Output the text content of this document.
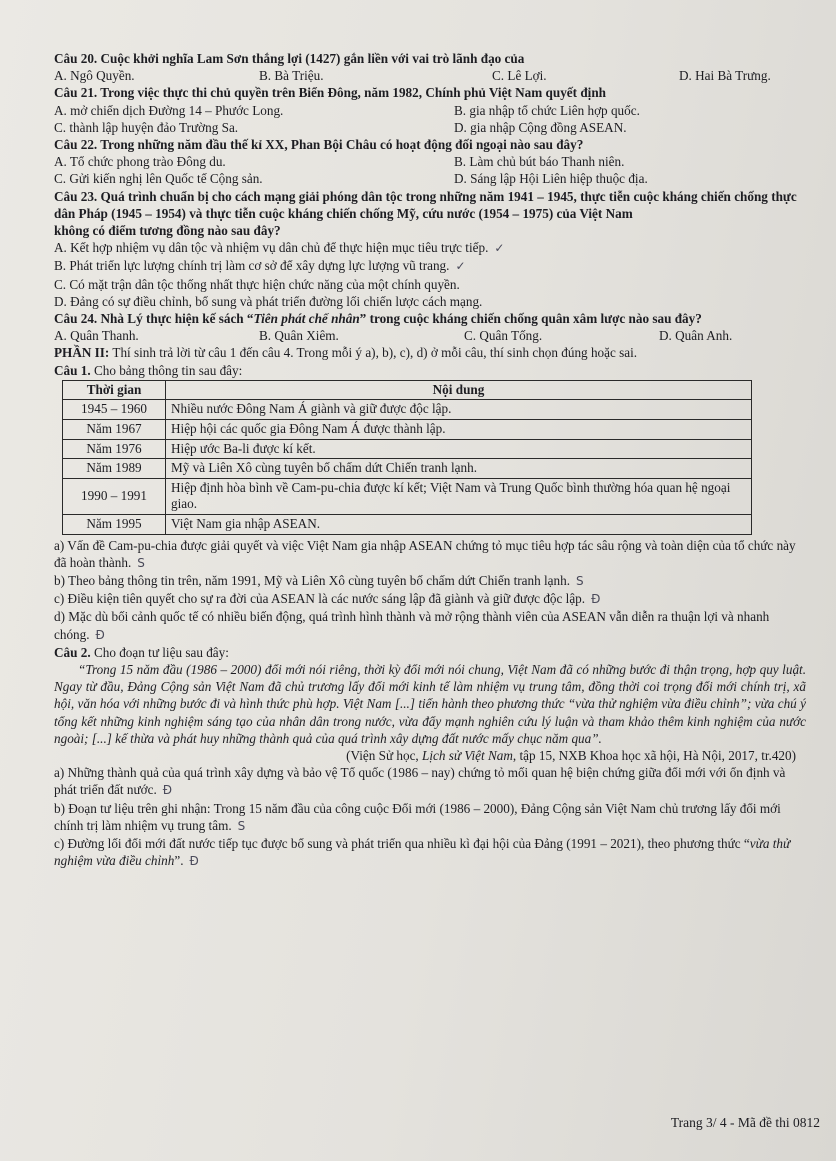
Câu 20. Cuộc khởi nghĩa Lam Sơn thắng lợi (1427) gắn liền với vai trò lãnh đạo của

A. Ngô Quyền.	B. Bà Triệu.	C. Lê Lợi.	D. Hai Bà Trưng.

Câu 21. Trong việc thực thi chủ quyền trên Biển Đông, năm 1982, Chính phủ Việt Nam quyết định

A. mở chiến dịch Đường 14 – Phước Long.	B. gia nhập tổ chức Liên hợp quốc.
C. thành lập huyện đảo Trường Sa.	D. gia nhập Cộng đồng ASEAN.

Câu 22. Trong những năm đầu thế kỉ XX, Phan Bội Châu có hoạt động đối ngoại nào sau đây?

A. Tổ chức phong trào Đông du.	B. Làm chủ bút báo Thanh niên.
C. Gửi kiến nghị lên Quốc tế Cộng sản.	D. Sáng lập Hội Liên hiệp thuộc địa.

Câu 23. Quá trình chuẩn bị cho cách mạng giải phóng dân tộc trong những năm 1941 – 1945, thực tiễn cuộc kháng chiến chống thực dân Pháp (1945 – 1954) và thực tiễn cuộc kháng chiến chống Mỹ, cứu nước (1954 – 1975) của Việt Nam

không có điểm tương đồng nào sau đây?

A. Kết hợp nhiệm vụ dân tộc và nhiệm vụ dân chủ để thực hiện mục tiêu trực tiếp. ✓

B. Phát triển lực lượng chính trị làm cơ sở để xây dựng lực lượng vũ trang. ✓

C. Có mặt trận dân tộc thống nhất thực hiện chức năng của một chính quyền.

D. Đảng có sự điều chỉnh, bổ sung và phát triển đường lối chiến lược cách mạng.

Câu 24. Nhà Lý thực hiện kế sách “Tiên phát chế nhân” trong cuộc kháng chiến chống quân xâm lược nào sau đây?

A. Quân Thanh.	B. Quân Xiêm.	C. Quân Tống.	D. Quân Anh.

PHẦN II: Thí sinh trả lời từ câu 1 đến câu 4. Trong mỗi ý a), b), c), d) ở mỗi câu, thí sinh chọn đúng hoặc sai.

Câu 1. Cho bảng thông tin sau đây:

Thời gian	Nội dung
1945 – 1960	Nhiều nước Đông Nam Á giành và giữ được độc lập.
Năm 1967	Hiệp hội các quốc gia Đông Nam Á được thành lập.
Năm 1976	Hiệp ước Ba-li được kí kết.
Năm 1989	Mỹ và Liên Xô cùng tuyên bố chấm dứt Chiến tranh lạnh.
1990 – 1991	Hiệp định hòa bình về Cam-pu-chia được kí kết; Việt Nam và Trung Quốc bình thường hóa quan hệ ngoại giao.
Năm 1995	Việt Nam gia nhập ASEAN.

a) Vấn đề Cam-pu-chia được giải quyết và việc Việt Nam gia nhập ASEAN chứng tỏ mục tiêu hợp tác sâu rộng và toàn diện của tổ chức này đã hoàn thành. S

b) Theo bảng thông tin trên, năm 1991, Mỹ và Liên Xô cùng tuyên bố chấm dứt Chiến tranh lạnh. S

c) Điều kiện tiên quyết cho sự ra đời của ASEAN là các nước sáng lập đã giành và giữ được độc lập. Đ

d) Mặc dù bối cảnh quốc tế có nhiều biến động, quá trình hình thành và mở rộng thành viên của ASEAN vẫn diễn ra thuận lợi và nhanh chóng. Đ

Câu 2. Cho đoạn tư liệu sau đây:

“Trong 15 năm đầu (1986 – 2000) đổi mới nói riêng, thời kỳ đổi mới nói chung, Việt Nam đã có những bước đi thận trọng, hợp quy luật. Ngay từ đầu, Đảng Cộng sản Việt Nam đã chủ trương lấy đổi mới kinh tế làm nhiệm vụ trung tâm, đồng thời coi trọng đổi mới chính trị, xã hội, văn hóa với những bước đi và hình thức phù hợp. Việt Nam [...] tiến hành theo phương thức “vừa thử nghiệm vừa điều chỉnh”; vừa chú ý tổng kết những kinh nghiệm sáng tạo của nhân dân trong nước, vừa đẩy mạnh nghiên cứu lý luận và tham khảo thêm kinh nghiệm của nước ngoài; [...] kế thừa và phát huy những thành quả của quá trình xây dựng đất nước mấy chục năm qua”.

(Viện Sử học, Lịch sử Việt Nam, tập 15, NXB Khoa học xã hội, Hà Nội, 2017, tr.420)

a) Những thành quả của quá trình xây dựng và bảo vệ Tổ quốc (1986 – nay) chứng tỏ mối quan hệ biện chứng giữa đổi mới với ổn định và phát triển đất nước. Đ

b) Đoạn tư liệu trên ghi nhận: Trong 15 năm đầu của công cuộc Đổi mới (1986 – 2000), Đảng Cộng sản Việt Nam chủ trương lấy đổi mới chính trị làm nhiệm vụ trung tâm. S

c) Đường lối đổi mới đất nước tiếp tục được bổ sung và phát triển qua nhiều kì đại hội của Đảng (1991 – 2021), theo phương thức “vừa thử nghiệm vừa điều chỉnh”. Đ

Trang 3/ 4 - Mã đề thi 0812
